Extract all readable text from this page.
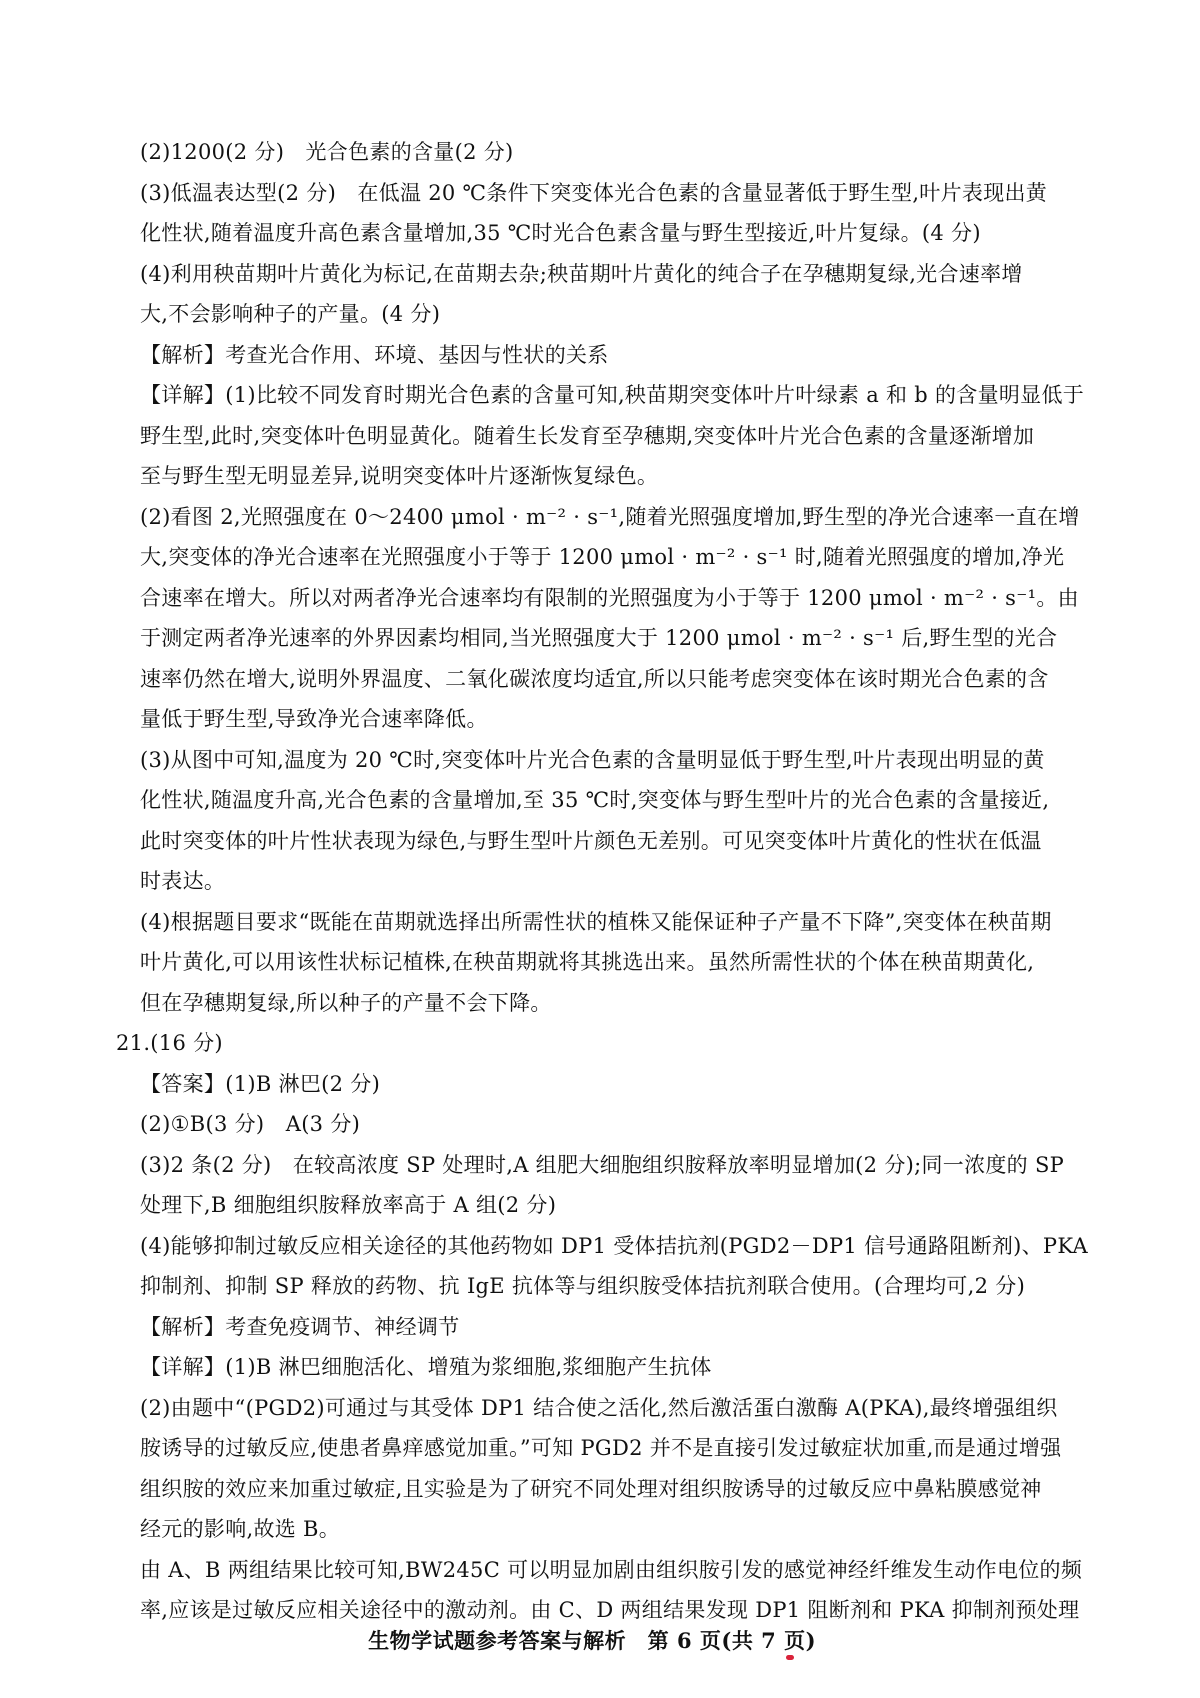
(2)1200(2 分)　光合色素的含量(2 分)
(3)低温表达型(2 分)　在低温 20 ℃条件下突变体光合色素的含量显著低于野生型,叶片表现出黄
化性状,随着温度升高色素含量增加,35 ℃时光合色素含量与野生型接近,叶片复绿。(4 分)
(4)利用秧苗期叶片黄化为标记,在苗期去杂;秧苗期叶片黄化的纯合子在孕穗期复绿,光合速率增
大,不会影响种子的产量。(4 分)
【解析】考查光合作用、环境、基因与性状的关系
【详解】(1)比较不同发育时期光合色素的含量可知,秧苗期突变体叶片叶绿素 a 和 b 的含量明显低于
野生型,此时,突变体叶色明显黄化。随着生长发育至孕穗期,突变体叶片光合色素的含量逐渐增加
至与野生型无明显差异,说明突变体叶片逐渐恢复绿色。
(2)看图 2,光照强度在 0～2400 μmol · m⁻² · s⁻¹,随着光照强度增加,野生型的净光合速率一直在增
大,突变体的净光合速率在光照强度小于等于 1200 μmol · m⁻² · s⁻¹ 时,随着光照强度的增加,净光
合速率在增大。所以对两者净光合速率均有限制的光照强度为小于等于 1200 μmol · m⁻² · s⁻¹。由
于测定两者净光速率的外界因素均相同,当光照强度大于 1200 μmol · m⁻² · s⁻¹ 后,野生型的光合
速率仍然在增大,说明外界温度、二氧化碳浓度均适宜,所以只能考虑突变体在该时期光合色素的含
量低于野生型,导致净光合速率降低。
(3)从图中可知,温度为 20 ℃时,突变体叶片光合色素的含量明显低于野生型,叶片表现出明显的黄
化性状,随温度升高,光合色素的含量增加,至 35 ℃时,突变体与野生型叶片的光合色素的含量接近,
此时突变体的叶片性状表现为绿色,与野生型叶片颜色无差别。可见突变体叶片黄化的性状在低温
时表达。
(4)根据题目要求“既能在苗期就选择出所需性状的植株又能保证种子产量不下降”,突变体在秧苗期
叶片黄化,可以用该性状标记植株,在秧苗期就将其挑选出来。虽然所需性状的个体在秧苗期黄化,
但在孕穗期复绿,所以种子的产量不会下降。
21.(16 分)
【答案】(1)B 淋巴(2 分)
(2)①B(3 分)　A(3 分)
(3)2 条(2 分)　在较高浓度 SP 处理时,A 组肥大细胞组织胺释放率明显增加(2 分);同一浓度的 SP
处理下,B 细胞组织胺释放率高于 A 组(2 分)
(4)能够抑制过敏反应相关途径的其他药物如 DP1 受体拮抗剂(PGD2－DP1 信号通路阻断剂)、PKA
抑制剂、抑制 SP 释放的药物、抗 IgE 抗体等与组织胺受体拮抗剂联合使用。(合理均可,2 分)
【解析】考查免疫调节、神经调节
【详解】(1)B 淋巴细胞活化、增殖为浆细胞,浆细胞产生抗体
(2)由题中“(PGD2)可通过与其受体 DP1 结合使之活化,然后激活蛋白激酶 A(PKA),最终增强组织
胺诱导的过敏反应,使患者鼻痒感觉加重。”可知 PGD2 并不是直接引发过敏症状加重,而是通过增强
组织胺的效应来加重过敏症,且实验是为了研究不同处理对组织胺诱导的过敏反应中鼻粘膜感觉神
经元的影响,故选 B。
由 A、B 两组结果比较可知,BW245C 可以明显加剧由组织胺引发的感觉神经纤维发生动作电位的频
率,应该是过敏反应相关途径中的激动剂。由 C、D 两组结果发现 DP1 阻断剂和 PKA 抑制剂预处理
生物学试题参考答案与解析　第 6 页(共 7 页)
